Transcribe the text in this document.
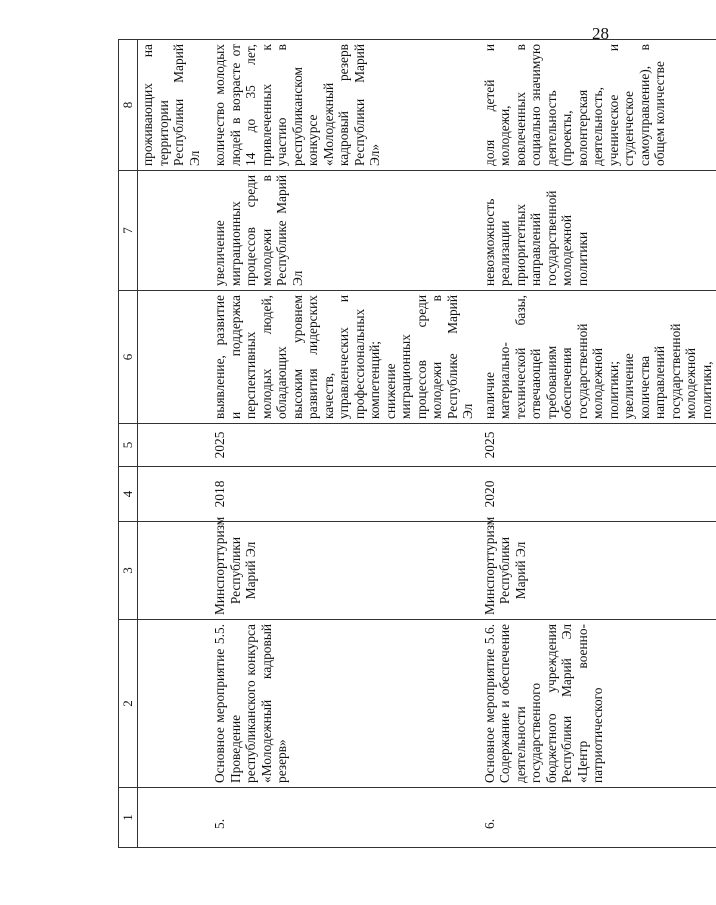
28
1	2	3	4	5	6	7	8
							проживающих на территории Республики Марий Эл
5.	Основное мероприятие 5.5. Проведение республиканского конкурса «Молодежный кадровый резерв»	Минспорттуризм Республики Марий Эл	2018	2025	выявление, развитие и поддержка перспективных молодых людей, обладающих высоким уровнем развития лидерских качеств, управленческих и профессиональных компетенций; снижение миграционных процессов среди молодежи в Республике Марий Эл	увеличение миграционных процессов среди молодежи в Республике Марий Эл	количество молодых людей в возрасте от 14 до 35 лет, привлеченных к участию в республиканском конкурсе «Молодежный кадровый резерв Республики Марий Эл»
6.	Основное мероприятие 5.6. Содержание и обеспечение деятельности государственного бюджетного учреждения Республики Марий Эл «Центр военно-патриотического	Минспорттуризм Республики Марий Эл	2020	2025	наличие материально-технической базы, отвечающей требованиям обеспечения государственной молодежной политики; увеличение количества направлений государственной молодежной политики,	невозможность реализации приоритетных направлений государственной молодежной политики	доля детей и молодежи, вовлеченных в социально значимую деятельность (проекты, волонтерская деятельность, ученическое и студенческое самоуправление), в общем количестве
